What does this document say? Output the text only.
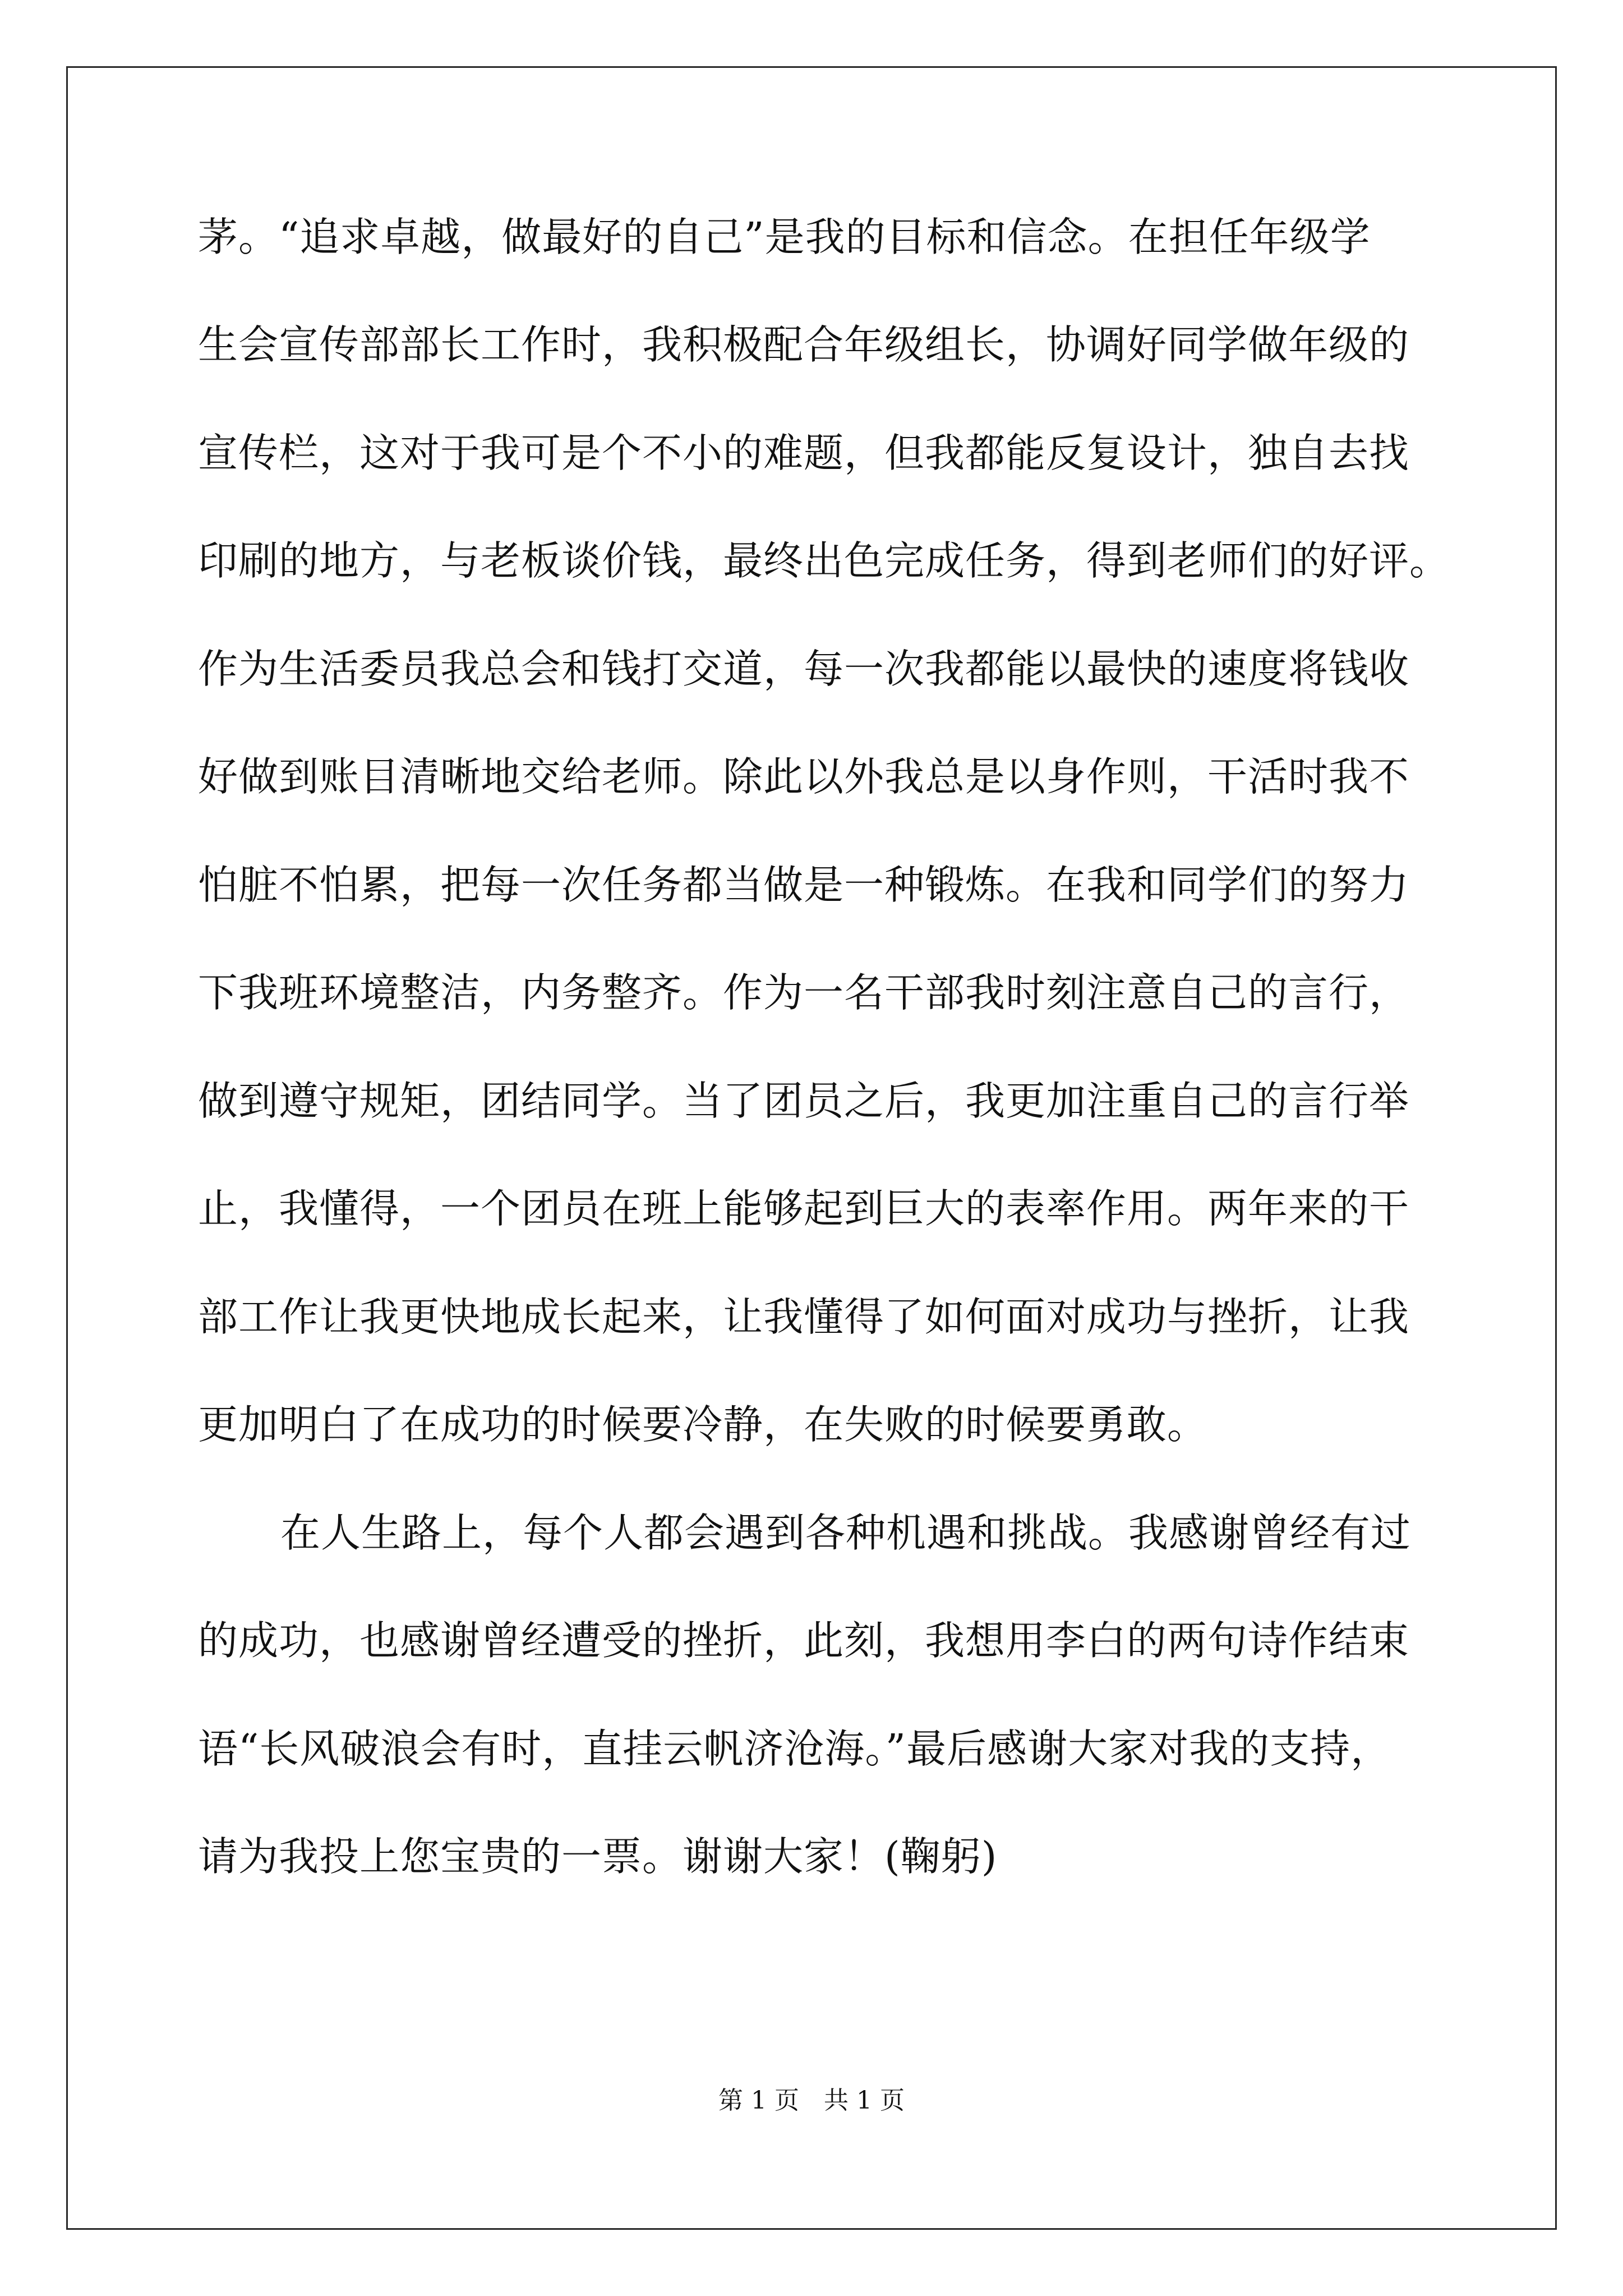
茅。“追求卓越，做最好的自己”是我的目标和信念。在担任年级学
生会宣传部部长工作时，我积极配合年级组长，协调好同学做年级的
宣传栏，这对于我可是个不小的难题，但我都能反复设计，独自去找
印刷的地方，与老板谈价钱，最终出色完成任务，得到老师们的好评。
作为生活委员我总会和钱打交道，每一次我都能以最快的速度将钱收
好做到账目清晰地交给老师。除此以外我总是以身作则，干活时我不
怕脏不怕累，把每一次任务都当做是一种锻炼。在我和同学们的努力
下我班环境整洁，内务整齐。作为一名干部我时刻注意自己的言行，
做到遵守规矩，团结同学。当了团员之后，我更加注重自己的言行举
止，我懂得，一个团员在班上能够起到巨大的表率作用。两年来的干
部工作让我更快地成长起来，让我懂得了如何面对成功与挫折，让我
更加明白了在成功的时候要冷静，在失败的时候要勇敢。
在人生路上，每个人都会遇到各种机遇和挑战。我感谢曾经有过
的成功，也感谢曾经遭受的挫折，此刻，我想用李白的两句诗作结束
语“长风破浪会有时，直挂云帆济沧海。”最后感谢大家对我的支持，
请为我投上您宝贵的一票。谢谢大家！(鞠躬)
第 1 页　共 1 页
